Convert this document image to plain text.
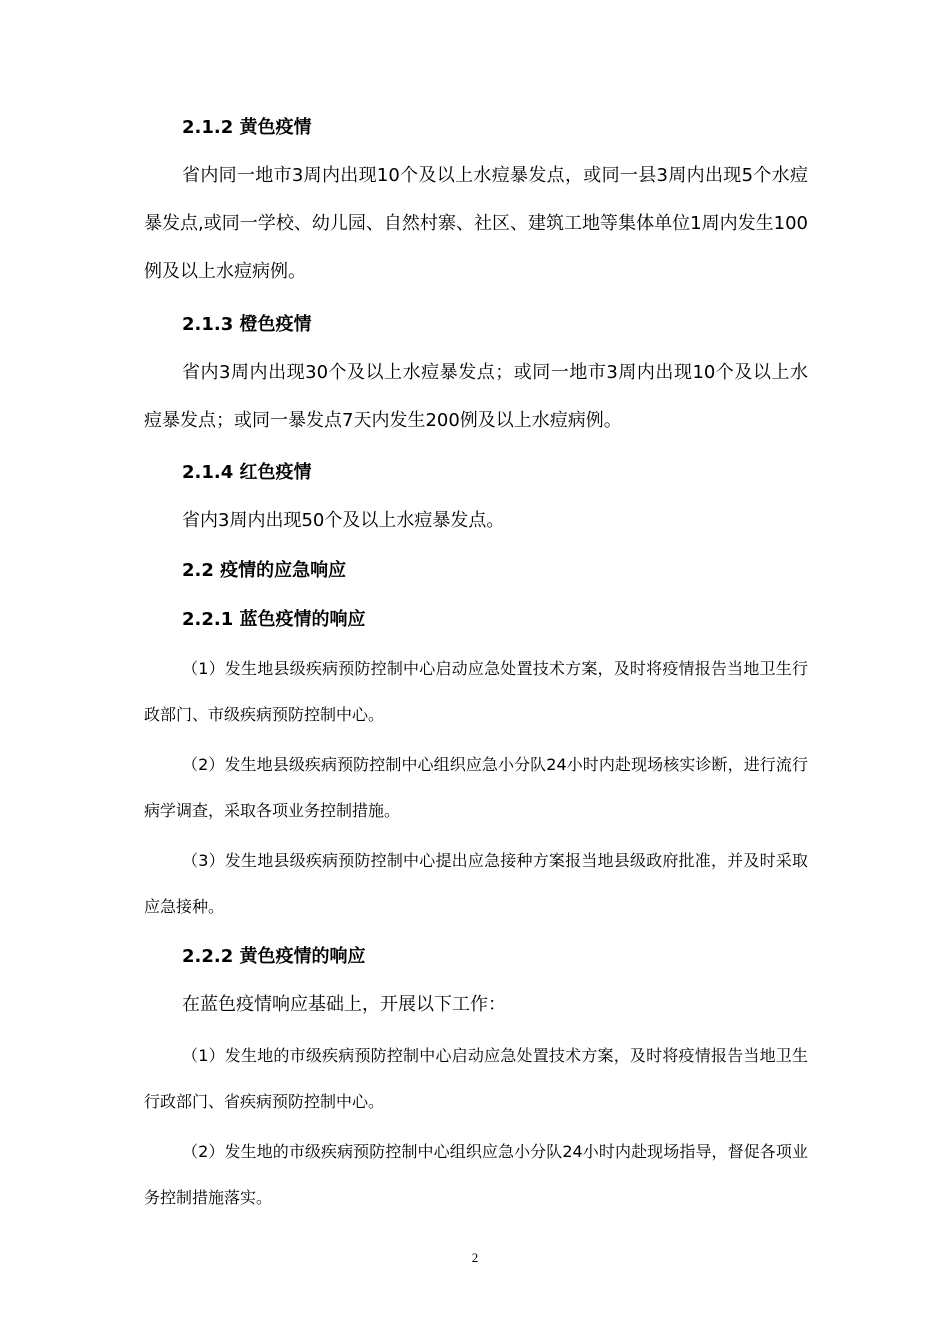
2.1.2 黄色疫情
省内同一地市3周内出现10个及以上水痘暴发点，或同一县3周内出现5个水痘暴发点,或同一学校、幼儿园、自然村寨、社区、建筑工地等集体单位1周内发生100例及以上水痘病例。
2.1.3 橙色疫情
省内3周内出现30个及以上水痘暴发点；或同一地市3周内出现10个及以上水痘暴发点；或同一暴发点7天内发生200例及以上水痘病例。
2.1.4 红色疫情
省内3周内出现50个及以上水痘暴发点。
2.2 疫情的应急响应
2.2.1 蓝色疫情的响应
（1）发生地县级疾病预防控制中心启动应急处置技术方案，及时将疫情报告当地卫生行政部门、市级疾病预防控制中心。
（2）发生地县级疾病预防控制中心组织应急小分队24小时内赴现场核实诊断，进行流行病学调查，采取各项业务控制措施。
（3）发生地县级疾病预防控制中心提出应急接种方案报当地县级政府批准，并及时采取应急接种。
2.2.2 黄色疫情的响应
在蓝色疫情响应基础上，开展以下工作：
（1）发生地的市级疾病预防控制中心启动应急处置技术方案，及时将疫情报告当地卫生行政部门、省疾病预防控制中心。
（2）发生地的市级疾病预防控制中心组织应急小分队24小时内赴现场指导，督促各项业务控制措施落实。
2
